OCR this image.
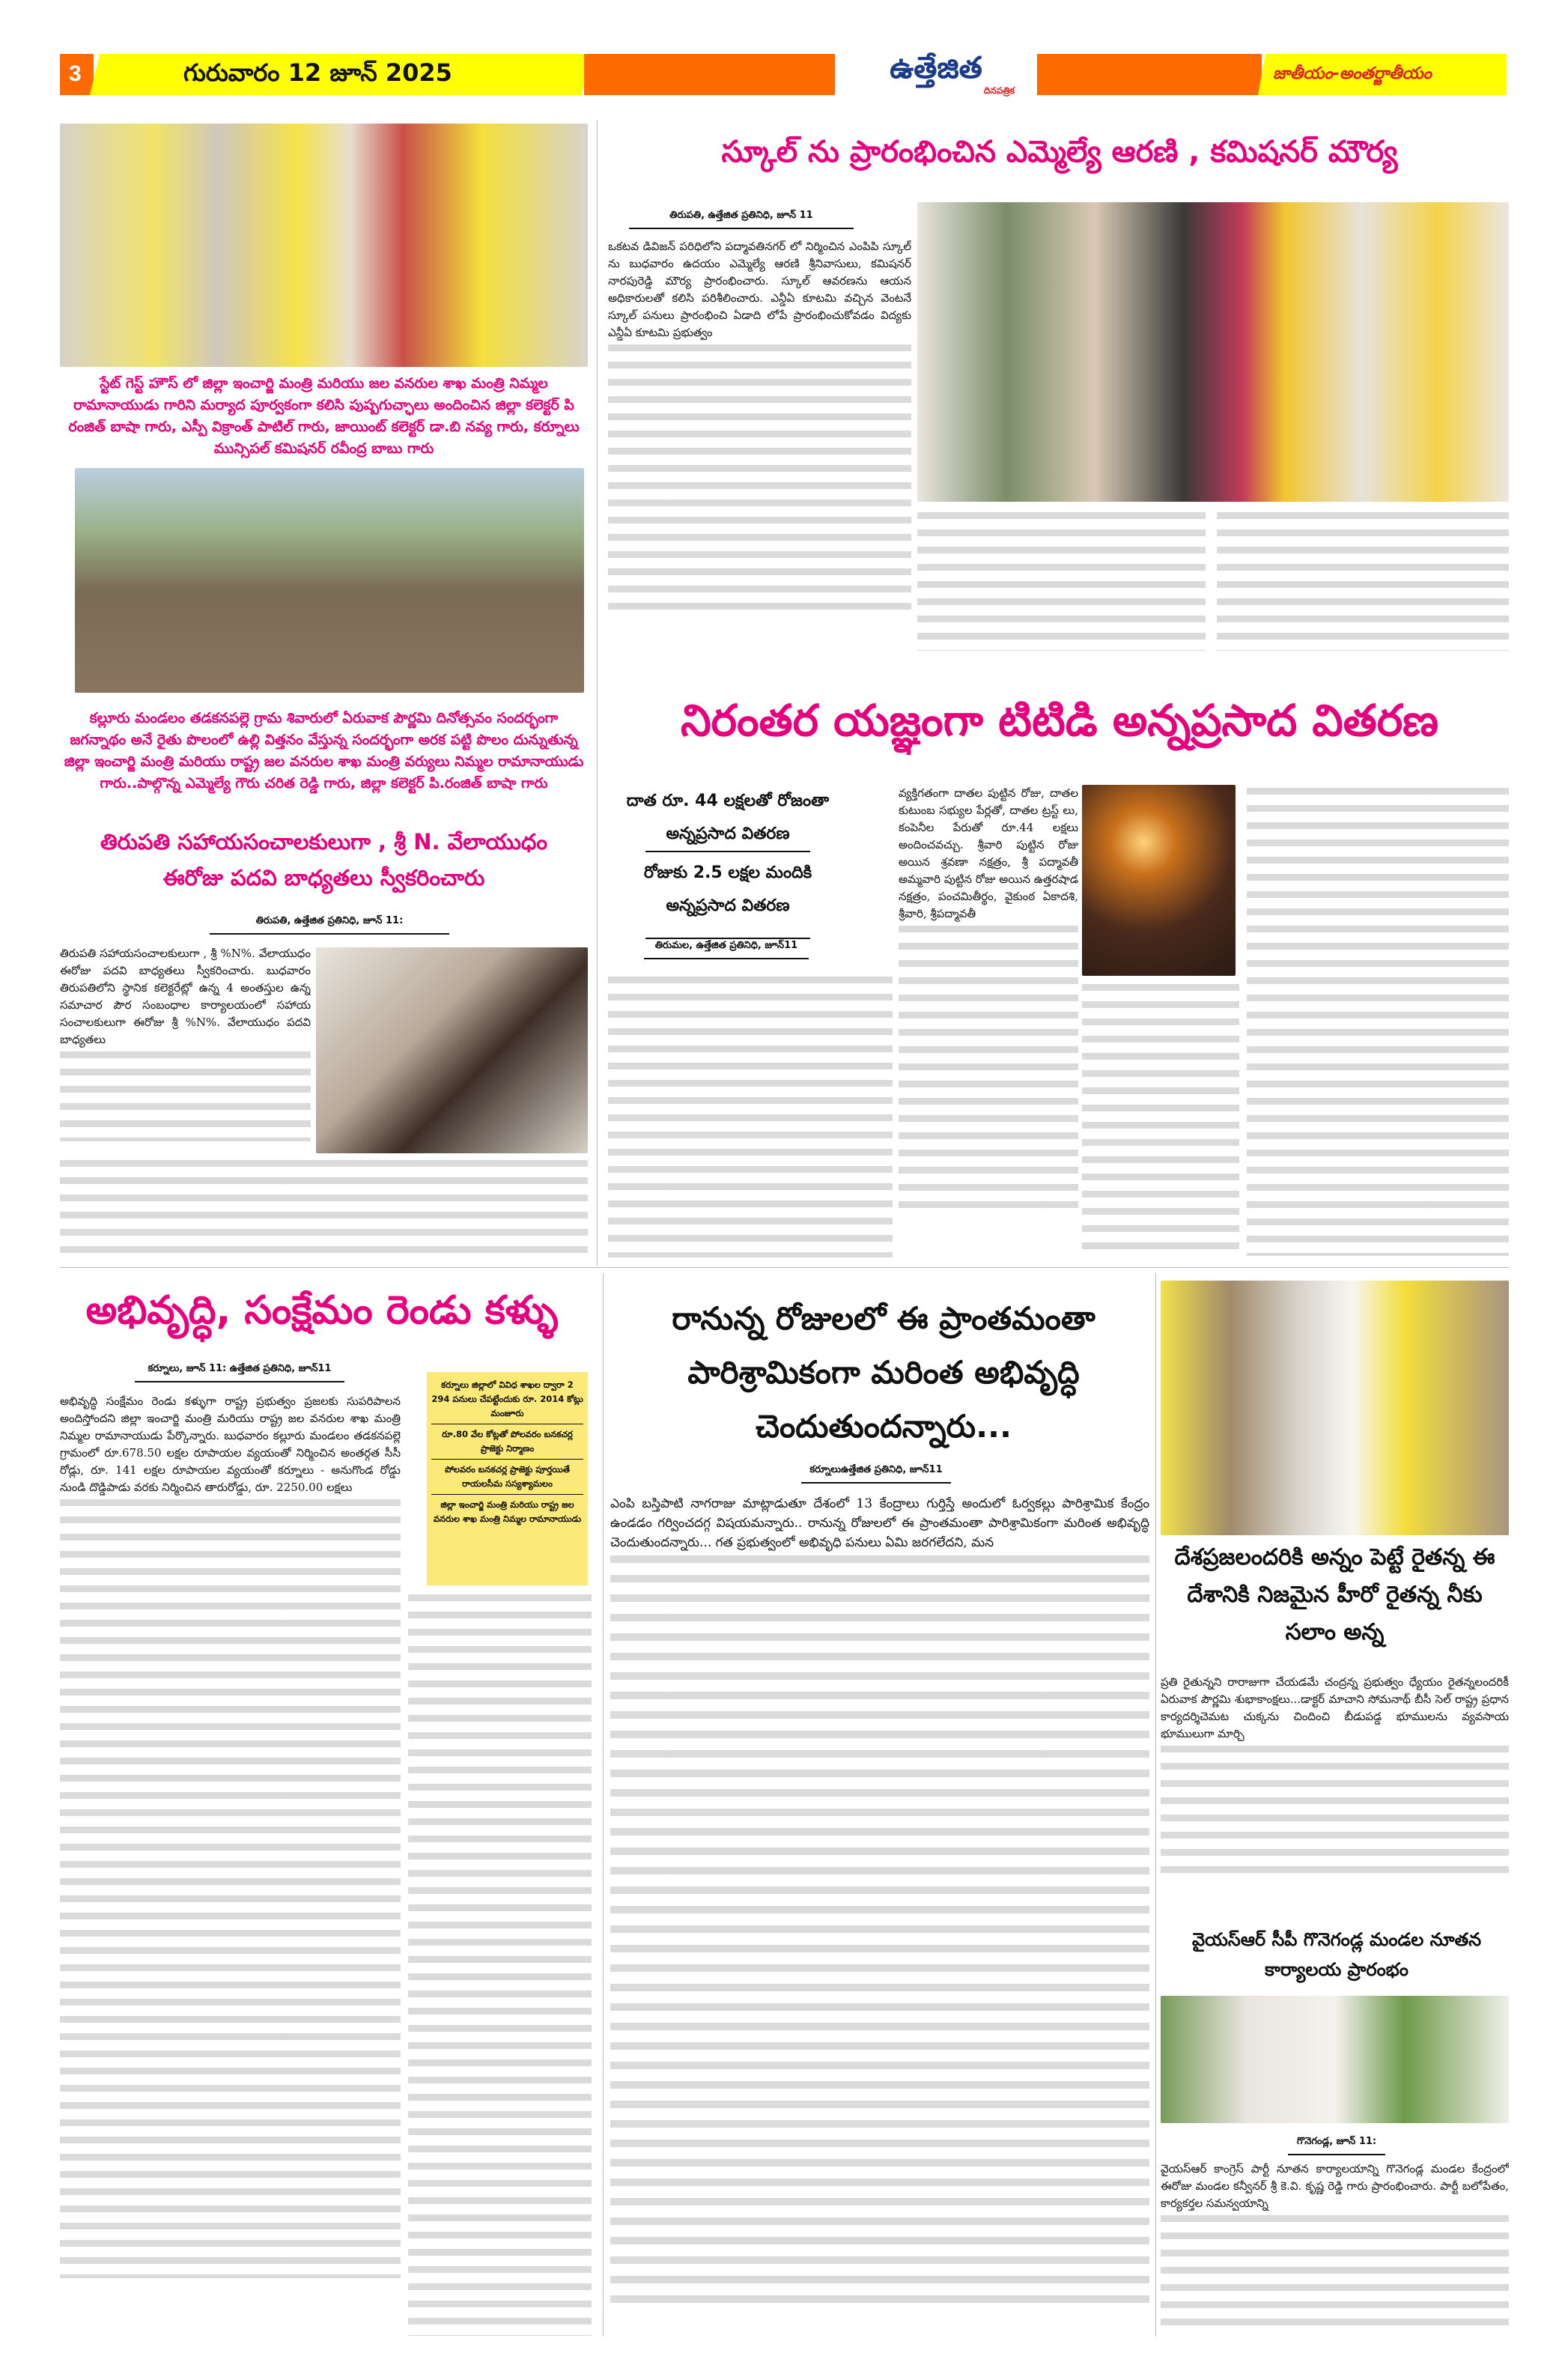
3	గురువారం 12 జూన్ 2025	ఉత్తేజిత
దినపత్రిక
జాతీయం-అంతర్జాతీయం
స్టేట్ గెస్ట్ హౌస్ లో జిల్లా ఇంచార్జి మంత్రి మరియు జల వనరుల శాఖ మంత్రి నిమ్మల రామానాయుడు గారిని మర్యాద పూర్వకంగా కలిసి పుష్పగుచ్ఛాలు అందించిన జిల్లా కలెక్టర్ పి రంజిత్ బాషా గారు, ఎస్పీ విక్రాంత్ పాటిల్ గారు, జాయింట్ కలెక్టర్ డా.బి నవ్య గారు, కర్నూలు మున్సిపల్ కమిషనర్ రవీంద్ర బాబు గారు
కల్లూరు మండలం తడకనపల్లె గ్రామ శివారులో ఏరువాక పౌర్ణమి దినోత్సవం సందర్భంగా జగన్నాథం అనే రైతు పొలంలో ఉల్లి విత్తనం వేస్తున్న సందర్భంగా అరక పట్టి పొలం దున్నుతున్న జిల్లా ఇంచార్జి మంత్రి మరియు రాష్ట్ర జల వనరుల శాఖ మంత్రి వర్యులు నిమ్మల రామానాయుడు గారు..పాల్గొన్న ఎమ్మెల్యే గౌరు చరిత రెడ్డి గారు, జిల్లా కలెక్టర్ పి.రంజిత్ బాషా గారు
తిరుపతి సహాయసంచాలకులుగా , శ్రీ N. వేలాయుధం
ఈరోజు పదవి బాధ్యతలు స్వీకరించారు
తిరుపతి, ఉత్తేజిత ప్రతినిధి, జూన్ 11:
తిరుపతి సహాయసంచాలకులుగా , శ్రీ %N%. వేలాయుధం ఈరోజు పదవి బాధ్యతలు స్వీకరించారు. బుధవారం తిరుపతిలోని స్థానిక కలెక్టరేట్లో ఉన్న 4 అంతస్తుల ఉన్న సమాచార పౌర సంబంధాల కార్యాలయంలో సహాయ సంచాలకులుగా ఈరోజు శ్రీ %N%. వేలాయుధం పదవి బాధ్యతలు
స్కూల్ ను ప్రారంభించిన ఎమ్మెల్యే ఆరణి , కమిషనర్ మౌర్య
తిరుపతి, ఉత్తేజిత ప్రతినిధి, జూన్ 11
ఒకటవ డివిజన్ పరిధిలోని పద్మావతినగర్ లో నిర్మించిన ఎంపిపి స్కూల్ ను బుధవారం ఉదయం ఎమ్మెల్యే ఆరణి శ్రీనివాసులు, కమిషనర్ నారపురెడ్డి మౌర్య ప్రారంభించారు. స్కూల్ ఆవరణను ఆయన అధికారులతో కలిసి పరిశీలించారు. ఎన్డీఏ కూటమి వచ్చిన వెంటనే స్కూల్ పనులు ప్రారంభించి ఏడాది లోపే ప్రారంభించుకోవడం విద్యకు ఎన్డీఏ కూటమి ప్రభుత్వం
నిరంతర యజ్ఞంగా టిటిడి అన్నప్రసాద వితరణ
దాత రూ. 44 లక్షలతో రోజంతా
అన్నప్రసాద వితరణ
రోజుకు 2.5 లక్షల మందికి
అన్నప్రసాద వితరణ
తిరుమల, ఉత్తేజిత ప్రతినిధి, జూన్11
వ్యక్తిగతంగా దాతల పుట్టిన రోజు, దాతల కుటుంబ సభ్యుల పేర్లతో, దాతల ట్రస్ట్ లు, కంపెనీల పేరుతో రూ.44 లక్షలు అందించవచ్చు. శ్రీవారి పుట్టిన రోజు అయిన శ్రవణా నక్షత్రం, శ్రీ పద్మావతీ అమ్మవారి పుట్టిన రోజు అయిన ఉత్తరషాడ నక్షత్రం, పంచమితీర్థం, వైకుంఠ ఏకాదశి, శ్రీవారి, శ్రీపద్మావతీ
అభివృద్ధి, సంక్షేమం రెండు కళ్ళు
కర్నూలు, జూన్ 11: ఉత్తేజిత ప్రతినిధి, జూన్11
అభివృద్ధి సంక్షేమం రెండు కళ్ళుగా రాష్ట్ర ప్రభుత్వం ప్రజలకు సుపరిపాలన అందిస్తోందని జిల్లా ఇంచార్జి మంత్రి మరియు రాష్ట్ర జల వనరుల శాఖ మంత్రి నిమ్మల రామానాయుడు పేర్కొన్నారు. బుధవారం కల్లూరు మండలం తడకనపల్లె గ్రామంలో రూ.678.50 లక్షల రూపాయల వ్యయంతో నిర్మించిన అంతర్గత సీసీ రోడ్లు, రూ. 141 లక్షల రూపాయల వ్యయంతో కర్నూలు - అనుగొండ రోడ్డు నుండి దొడ్డిపాడు వరకు నిర్మించిన తారురోడ్డు, రూ. 2250.00 లక్షలు
కర్నూలు జిల్లాలో వివిధ శాఖల ద్వారా 2 294 పనులు చేపట్టేందుకు రూ. 2014 కోట్లు మంజూరు
రూ.80 వేల కోట్లతో పోలవరం బనకచర్ల ప్రాజెక్టు నిర్మాణం
పోలవరం బనకచర్ల ప్రాజెక్టు పూర్తయితే రాయలసీమ సస్యశ్యామలం
జిల్లా ఇంచార్జి మంత్రి మరియు రాష్ట్ర జల వనరుల శాఖ మంత్రి నిమ్మల రామానాయుడు
రానున్న రోజులలో ఈ ప్రాంతమంతా పారిశ్రామికంగా మరింత అభివృద్ధి చెందుతుందన్నారు...
కర్నూలుఉత్తేజిత ప్రతినిధి, జూన్11
ఎంపి బస్తిపాటి నాగరాజు మాట్లాడుతూ దేశంలో 13 కేంద్రాలు గుర్తిస్తే అందులో ఓర్వకల్లు పారిశ్రామిక కేంద్రం ఉండడం గర్వించదగ్గ విషయమన్నారు.. రానున్న రోజులలో ఈ ప్రాంతమంతా పారిశ్రామికంగా మరింత అభివృద్ధి చెందుతుందన్నారు... గత ప్రభుత్వంలో అభివృధి పనులు ఏమి జరగలేదని, మన
దేశప్రజలందరికి అన్నం పెట్టే రైతన్న ఈ దేశానికి నిజమైన హీరో రైతన్న నీకు సలాం అన్న
ప్రతి రైతున్నని రారాజుగా చేయడమే చంద్రన్న ప్రభుత్వం ధ్యేయం రైతన్నలందరికీ ఏరువాక పౌర్ణమి శుభాకాంక్షలు...డాక్టర్ మాచాని సోమనాథ్ బీసీ సెల్ రాష్ట్ర ప్రధాన కార్యదర్శిచెమట చుక్కను చిందించి బీడుపడ్డ భూములను వ్యవసాయ భూములుగా మార్చి
వైయస్ఆర్ సీపీ గొనెగండ్ల మండల నూతన కార్యాలయ ప్రారంభం
గొనెగండ్ల, జూన్ 11:
వైయస్ఆర్ కాంగ్రెస్ పార్టీ నూతన కార్యాలయాన్ని గొనెగండ్ల మండల కేంద్రంలో ఈరోజు మండల కన్వీనర్ శ్రీ కె.వి. కృష్ణ రెడ్డి గారు ప్రారంభించారు. పార్టీ బలోపేతం, కార్యకర్తల సమన్వయాన్ని
